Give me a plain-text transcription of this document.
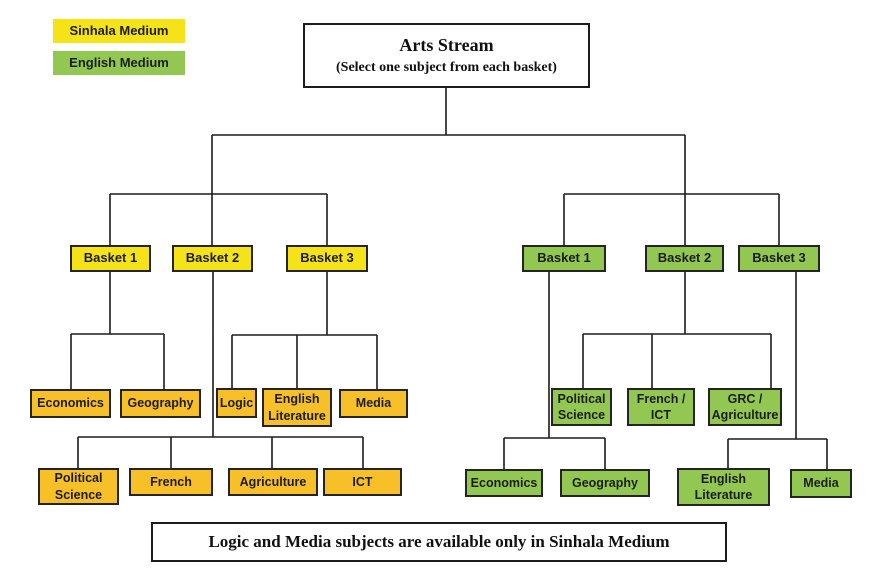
Sinhala Medium
English Medium
Arts Stream
(Select one subject from each basket)
Basket 1	Basket 2	Basket 3	Basket 1	Basket 2	Basket 3
Economics	Geography	Logic	English Literature
Media
Political Science
French	Agriculture	ICT
Political Science
French / ICT
GRC / Agriculture
Economics	Geography	English Literature
Media
Logic and Media subjects are available only in Sinhala Medium
